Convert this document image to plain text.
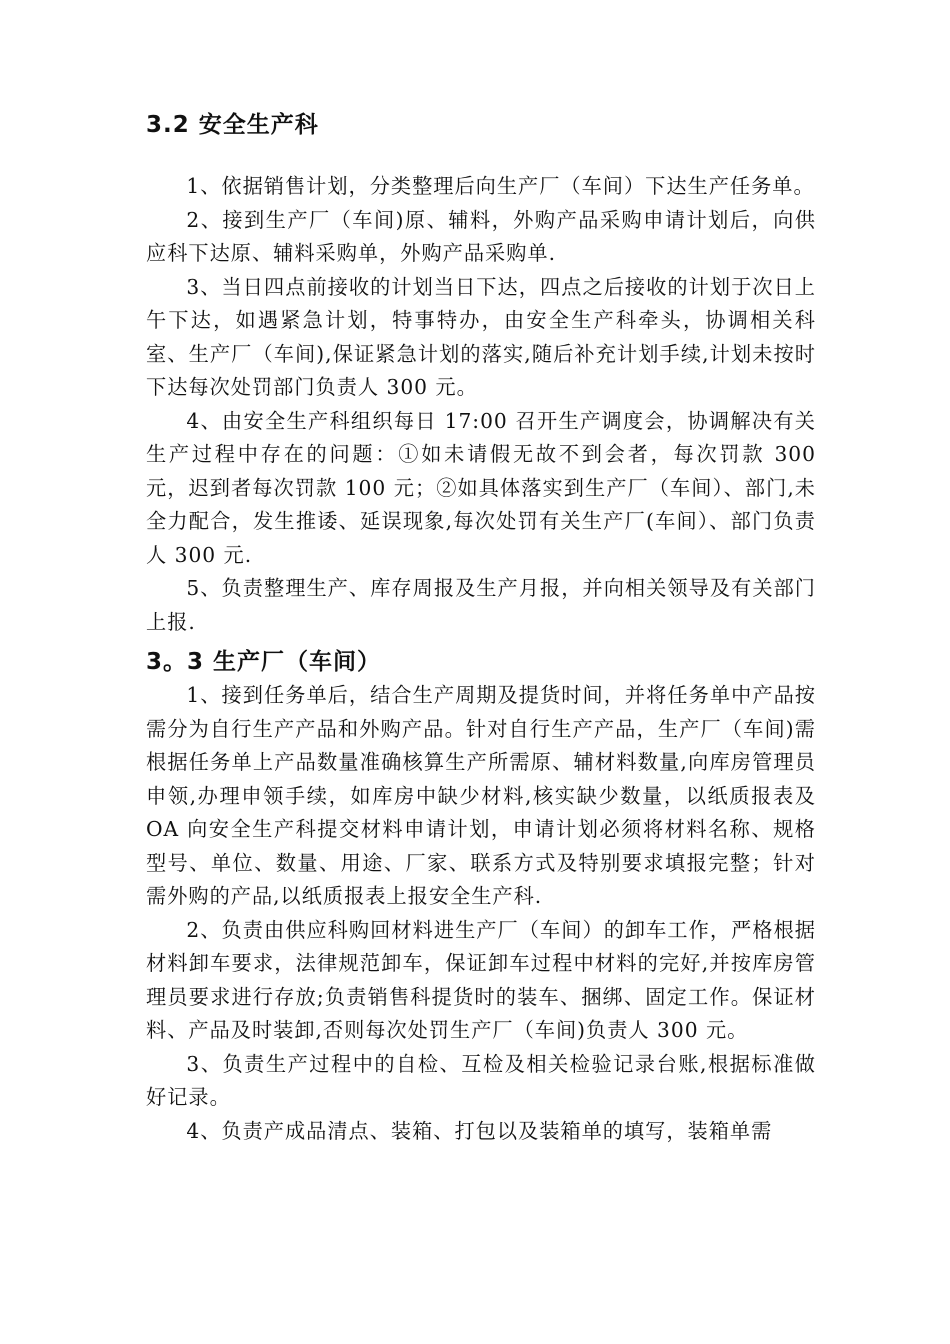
3.2 安全生产科

1、依据销售计划，分类整理后向生产厂（车间）下达生产任务单。

2、接到生产厂（车间)原、辅料，外购产品采购申请计划后，向供应科下达原、辅料采购单，外购产品采购单.

3、当日四点前接收的计划当日下达，四点之后接收的计划于次日上午下达，如遇紧急计划，特事特办，由安全生产科牵头，协调相关科室、生产厂（车间),保证紧急计划的落实,随后补充计划手续,计划未按时下达每次处罚部门负责人 300 元。

4、由安全生产科组织每日 17:00 召开生产调度会，协调解决有关生产过程中存在的问题：①如未请假无故不到会者，每次罚款 300 元，迟到者每次罚款 100 元；②如具体落实到生产厂（车间）、部门,未全力配合，发生推诿、延误现象,每次处罚有关生产厂(车间）、部门负责人 300 元.

5、负责整理生产、库存周报及生产月报，并向相关领导及有关部门上报.

3。3 生产厂（车间）

1、接到任务单后，结合生产周期及提货时间，并将任务单中产品按需分为自行生产产品和外购产品。针对自行生产产品，生产厂（车间)需根据任务单上产品数量准确核算生产所需原、辅材料数量,向库房管理员申领,办理申领手续，如库房中缺少材料,核实缺少数量，以纸质报表及 OA 向安全生产科提交材料申请计划，申请计划必须将材料名称、规格型号、单位、数量、用途、厂家、联系方式及特别要求填报完整；针对需外购的产品,以纸质报表上报安全生产科.

2、负责由供应科购回材料进生产厂（车间）的卸车工作，严格根据材料卸车要求，法律规范卸车，保证卸车过程中材料的完好,并按库房管理员要求进行存放;负责销售科提货时的装车、捆绑、固定工作。保证材料、产品及时装卸,否则每次处罚生产厂（车间)负责人 300 元。

3、负责生产过程中的自检、互检及相关检验记录台账,根据标准做好记录。

4、负责产成品清点、装箱、打包以及装箱单的填写，装箱单需
